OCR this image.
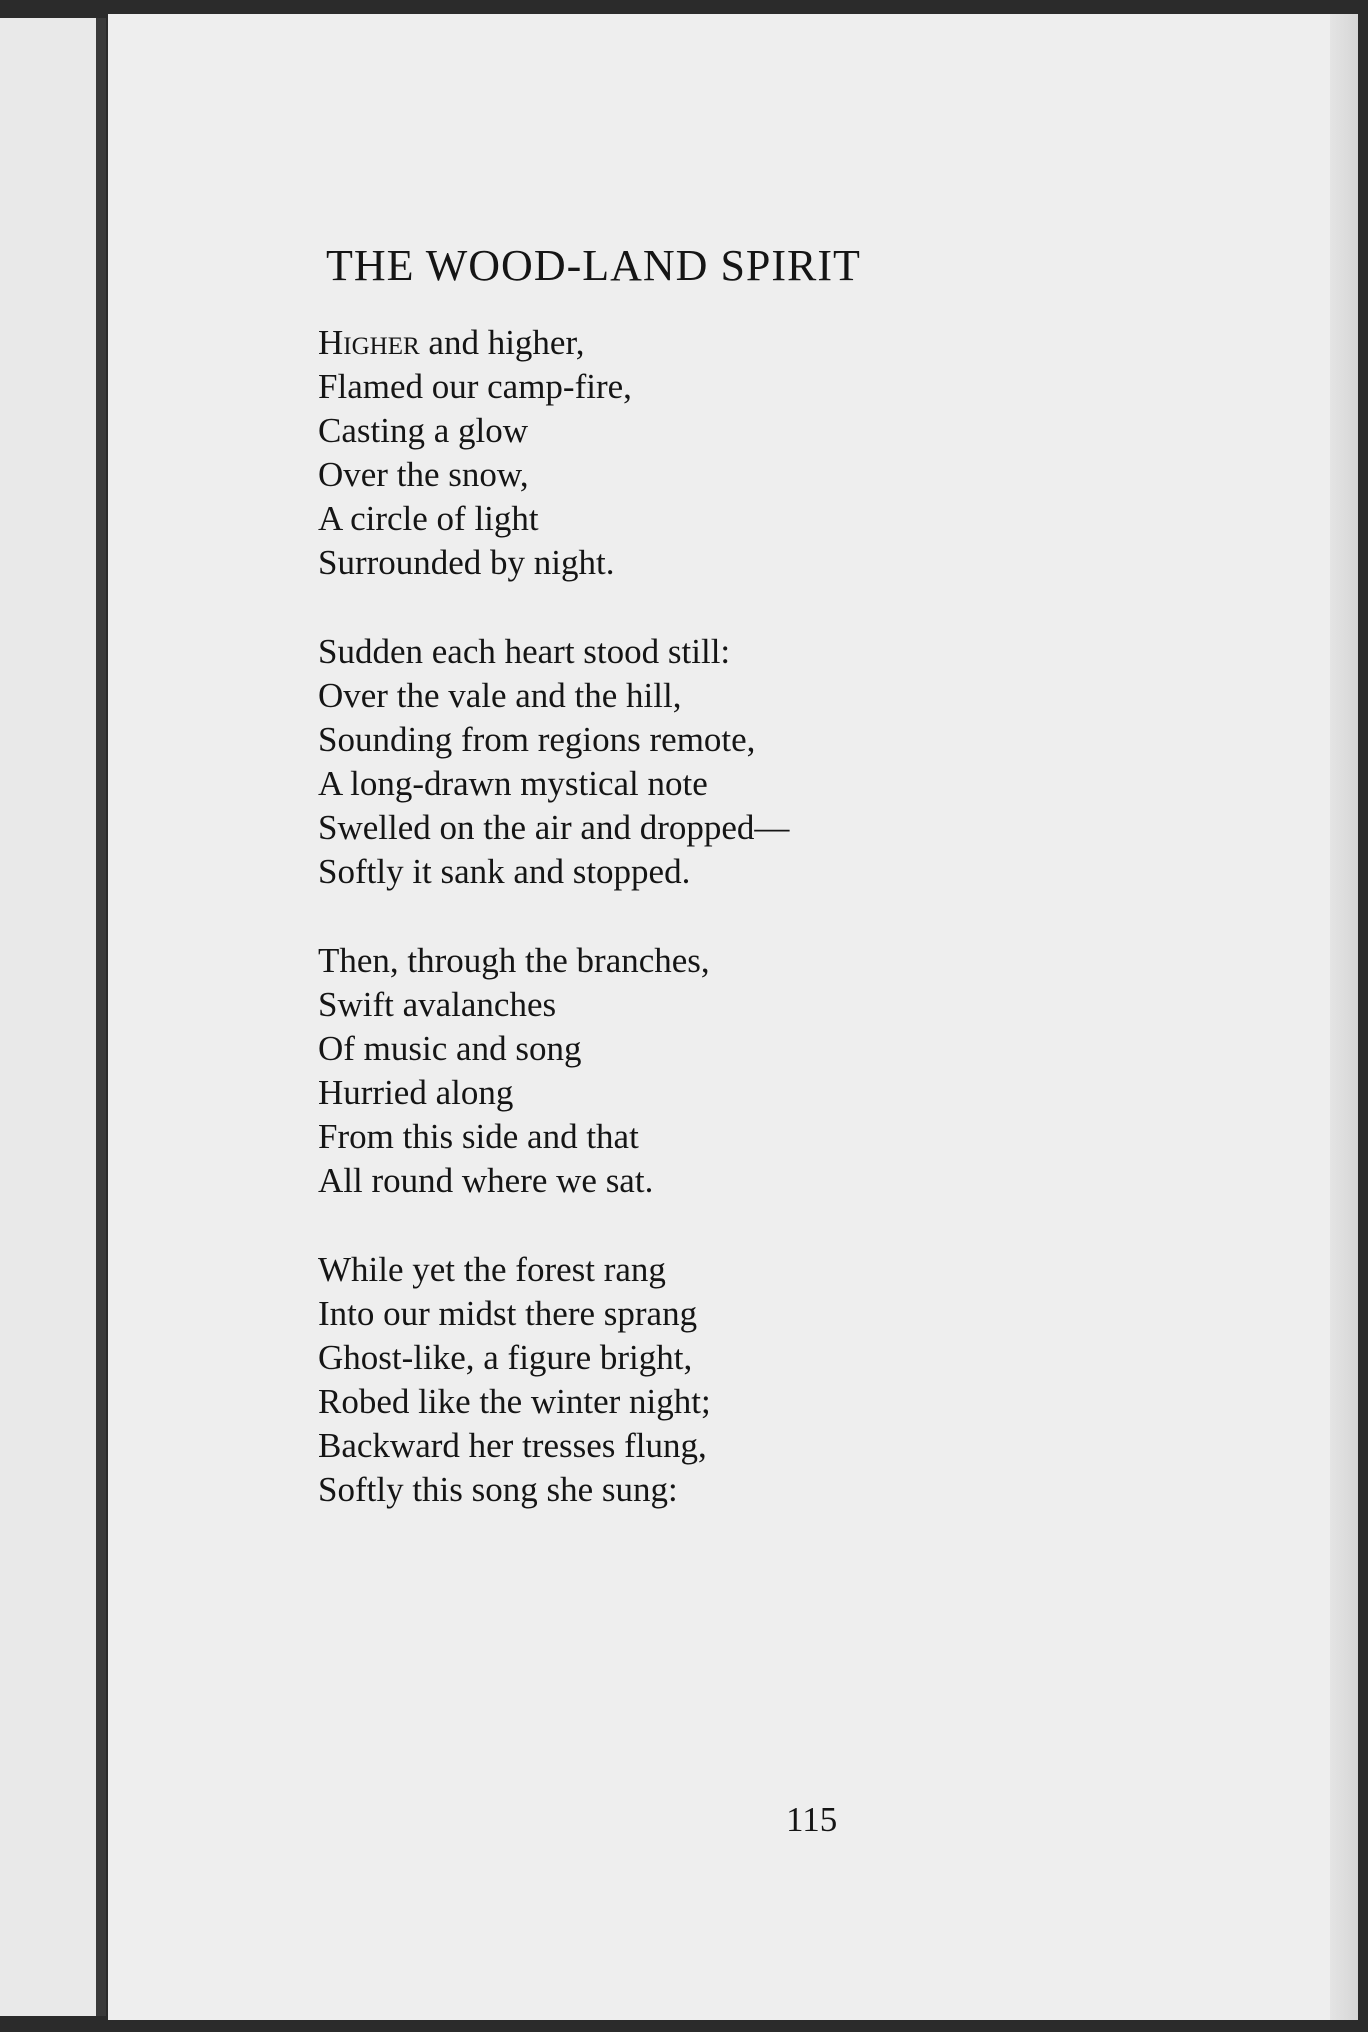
THE WOOD-LAND SPIRIT
Higher and higher,
Flamed our camp-fire,
Casting a glow
Over the snow,
A circle of light
Surrounded by night.
Sudden each heart stood still:
Over the vale and the hill,
Sounding from regions remote,
A long-drawn mystical note
Swelled on the air and dropped—
Softly it sank and stopped.
Then, through the branches,
Swift avalanches
Of music and song
Hurried along
From this side and that
All round where we sat.
While yet the forest rang
Into our midst there sprang
Ghost-like, a figure bright,
Robed like the winter night;
Backward her tresses flung,
Softly this song she sung:
115
